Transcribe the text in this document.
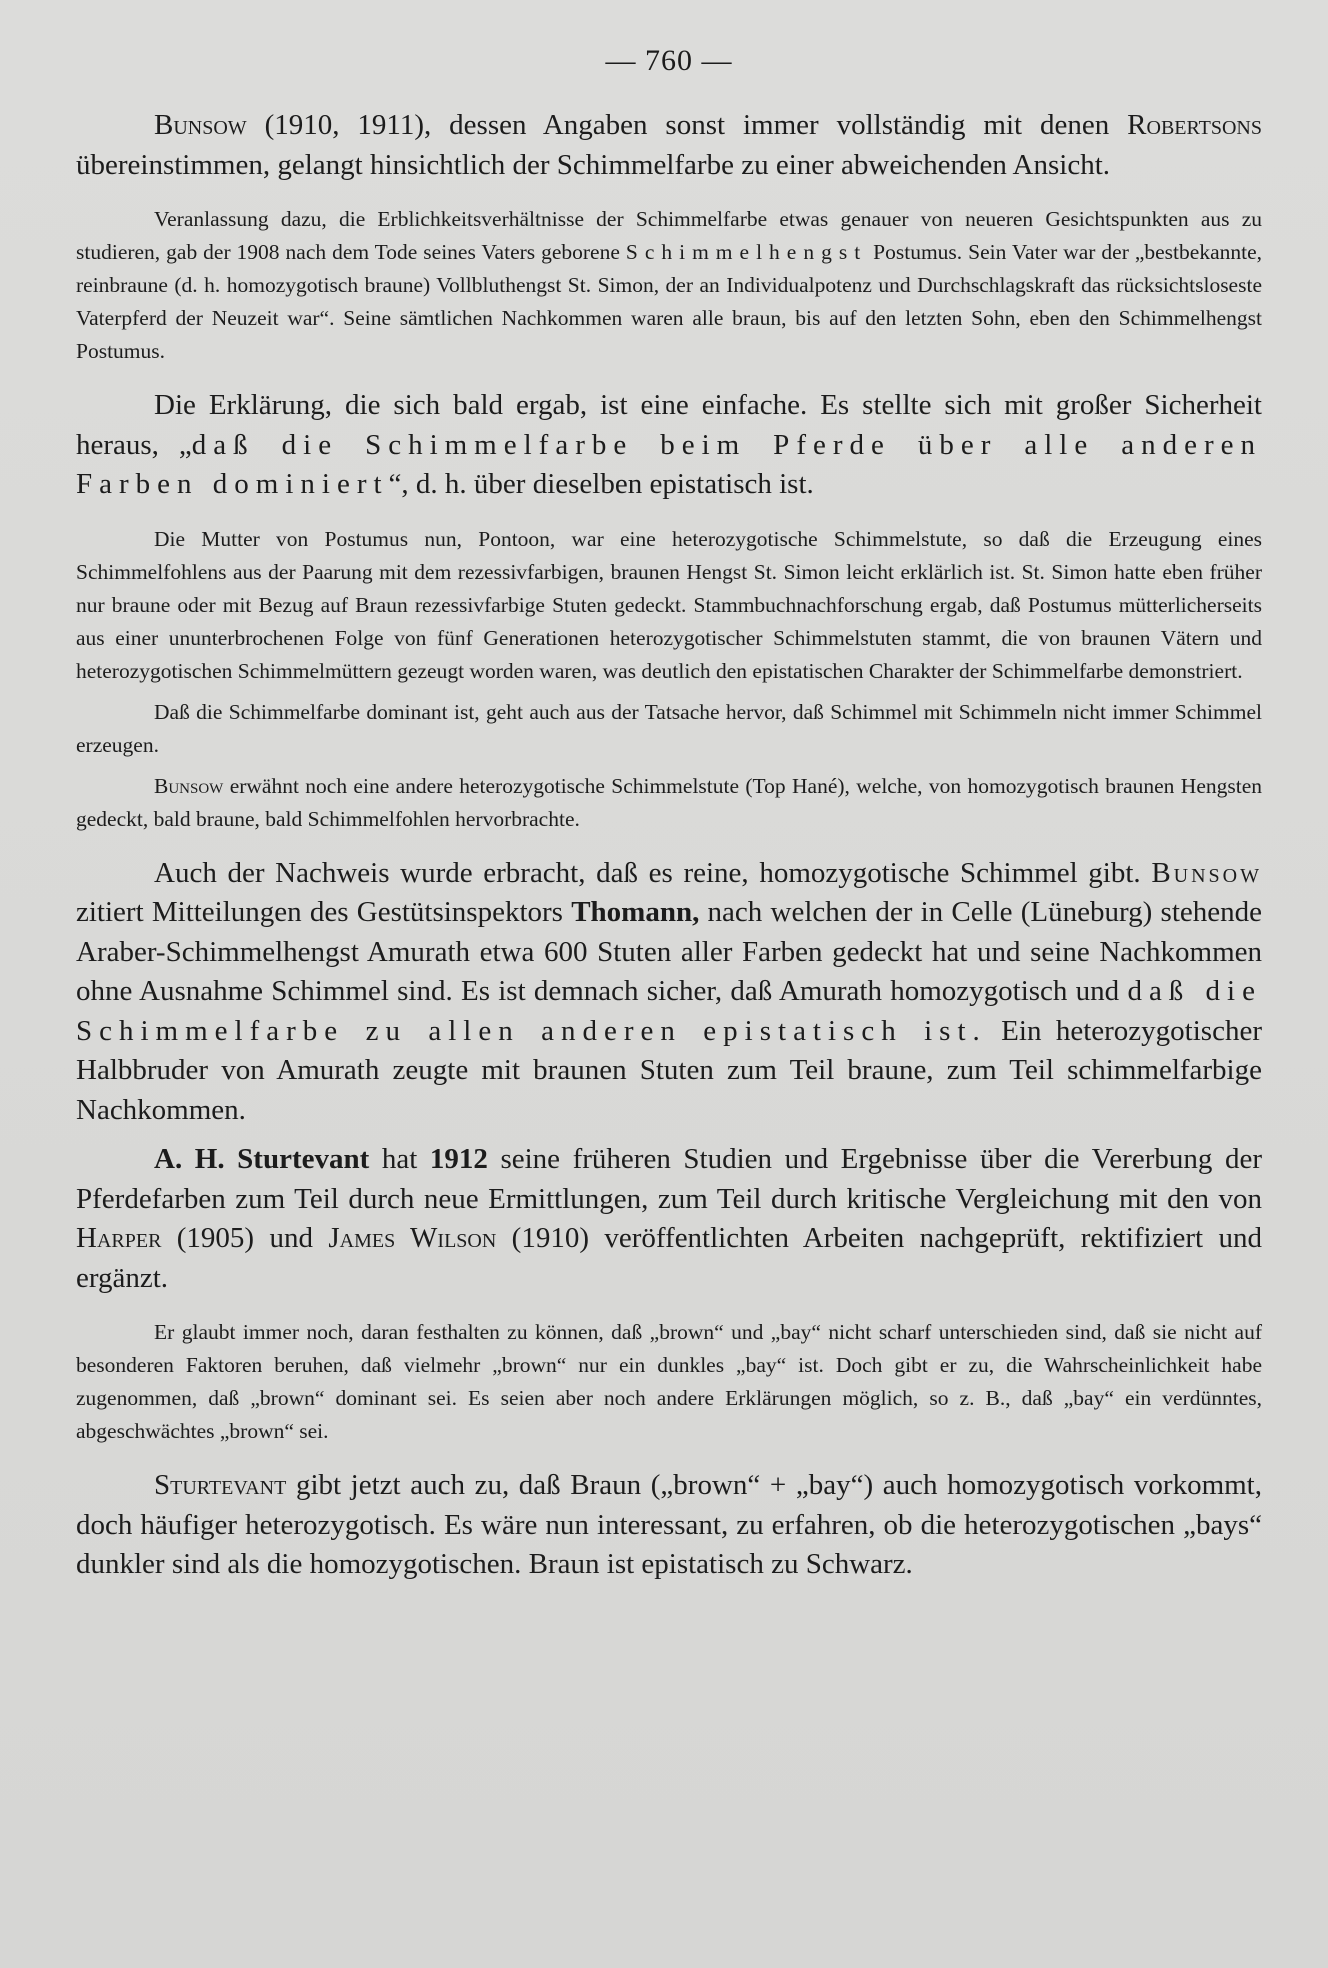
— 760 —

Bunsow (1910, 1911), dessen Angaben sonst immer vollständig mit denen Robertsons übereinstimmen, gelangt hinsichtlich der Schimmelfarbe zu einer abweichenden Ansicht.

Veranlassung dazu, die Erblichkeitsverhältnisse der Schimmelfarbe etwas genauer von neueren Gesichtspunkten aus zu studieren, gab der 1908 nach dem Tode seines Vaters geborene Schimmelhengst Postumus. Sein Vater war der „bestbekannte, reinbraune (d. h. homozygotisch braune) Vollbluthengst St. Simon, der an Individualpotenz und Durchschlagskraft das rücksichtsloseste Vaterpferd der Neuzeit war“. Seine sämtlichen Nachkommen waren alle braun, bis auf den letzten Sohn, eben den Schimmelhengst Postumus.

Die Erklärung, die sich bald ergab, ist eine einfache. Es stellte sich mit großer Sicherheit heraus, „daß die Schimmelfarbe beim Pferde über alle anderen Farben dominiert“, d. h. über dieselben epistatisch ist.

Die Mutter von Postumus nun, Pontoon, war eine heterozygotische Schimmelstute, so daß die Erzeugung eines Schimmelfohlens aus der Paarung mit dem rezessivfarbigen, braunen Hengst St. Simon leicht erklärlich ist. St. Simon hatte eben früher nur braune oder mit Bezug auf Braun rezessivfarbige Stuten gedeckt. Stammbuchnachforschung ergab, daß Postumus mütterlicherseits aus einer ununterbrochenen Folge von fünf Generationen heterozygotischer Schimmelstuten stammt, die von braunen Vätern und heterozygotischen Schimmelmüttern gezeugt worden waren, was deutlich den epistatischen Charakter der Schimmelfarbe demonstriert.

Daß die Schimmelfarbe dominant ist, geht auch aus der Tatsache hervor, daß Schimmel mit Schimmeln nicht immer Schimmel erzeugen.

Bunsow erwähnt noch eine andere heterozygotische Schimmelstute (Top Hané), welche, von homozygotisch braunen Hengsten gedeckt, bald braune, bald Schimmelfohlen hervorbrachte.

Auch der Nachweis wurde erbracht, daß es reine, homozygotische Schimmel gibt. Bunsow zitiert Mitteilungen des Gestütsinspektors Thomann, nach welchen der in Celle (Lüneburg) stehende Araber-Schimmelhengst Amurath etwa 600 Stuten aller Farben gedeckt hat und seine Nachkommen ohne Ausnahme Schimmel sind. Es ist demnach sicher, daß Amurath homozygotisch und daß die Schimmelfarbe zu allen anderen epistatisch ist. Ein heterozygotischer Halbbruder von Amurath zeugte mit braunen Stuten zum Teil braune, zum Teil schimmelfarbige Nachkommen.

A. H. Sturtevant hat 1912 seine früheren Studien und Ergebnisse über die Vererbung der Pferdefarben zum Teil durch neue Ermittlungen, zum Teil durch kritische Vergleichung mit den von Harper (1905) und James Wilson (1910) veröffentlichten Arbeiten nachgeprüft, rektifiziert und ergänzt.

Er glaubt immer noch, daran festhalten zu können, daß „brown“ und „bay“ nicht scharf unterschieden sind, daß sie nicht auf besonderen Faktoren beruhen, daß vielmehr „brown“ nur ein dunkles „bay“ ist. Doch gibt er zu, die Wahrscheinlichkeit habe zugenommen, daß „brown“ dominant sei. Es seien aber noch andere Erklärungen möglich, so z. B., daß „bay“ ein verdünntes, abgeschwächtes „brown“ sei.

Sturtevant gibt jetzt auch zu, daß Braun („brown“ + „bay“) auch homozygotisch vorkommt, doch häufiger heterozygotisch. Es wäre nun interessant, zu erfahren, ob die heterozygotischen „bays“ dunkler sind als die homozygotischen. Braun ist epistatisch zu Schwarz.
